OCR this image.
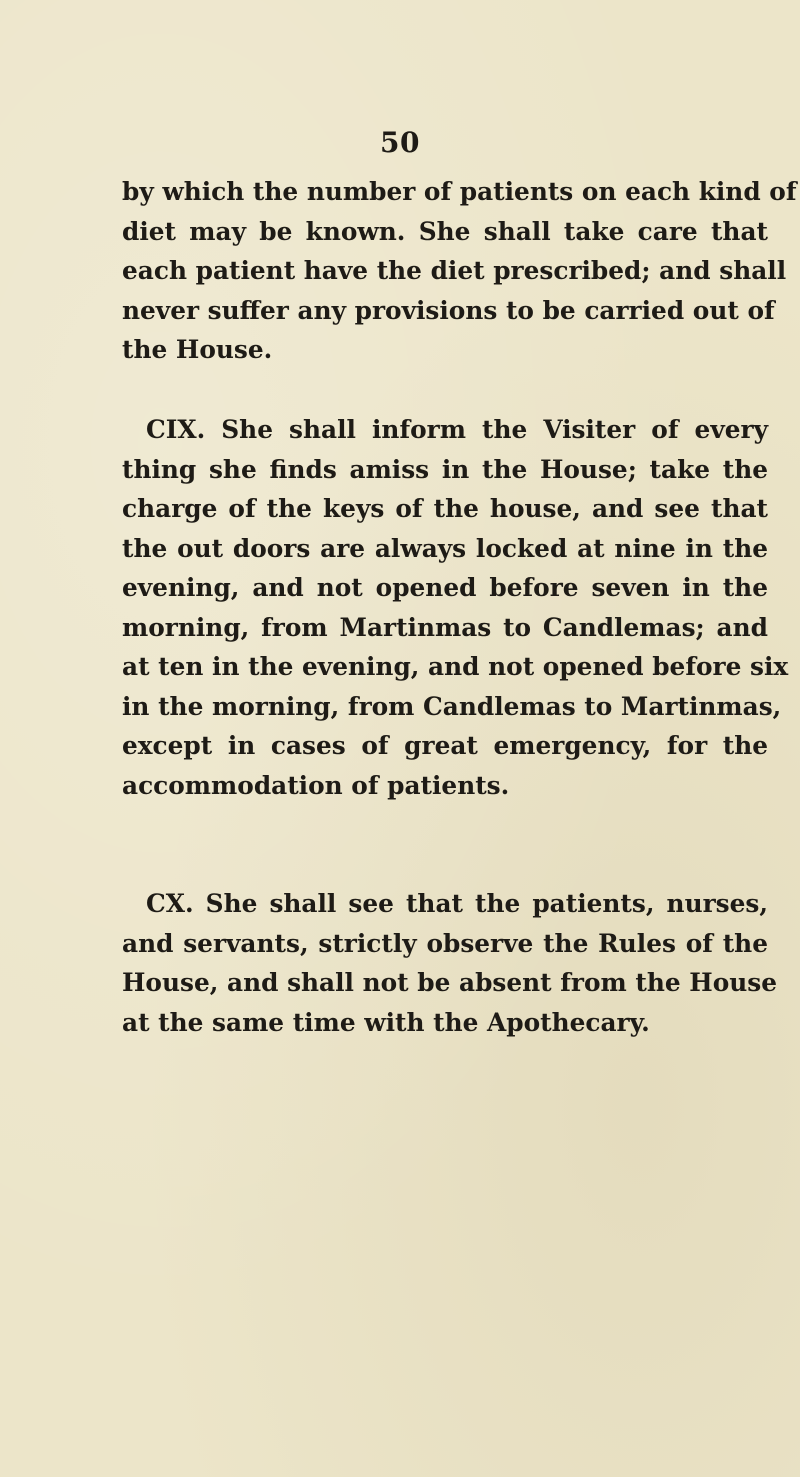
50
by which the number of patients on each kind of
diet may be known. She shall take care that
each patient have the diet prescribed; and shall
never suffer any provisions to be carried out of
the House.
CIX. She shall inform the Visiter of every
thing she finds amiss in the House; take the
charge of the keys of the house, and see that
the out doors are always locked at nine in the
evening, and not opened before seven in the
morning, from Martinmas to Candlemas; and
at ten in the evening, and not opened before six
in the morning, from Candlemas to Martinmas,
except in cases of great emergency, for the
accommodation of patients.
CX. She shall see that the patients, nurses,
and servants, strictly observe the Rules of the
House, and shall not be absent from the House
at the same time with the Apothecary.
